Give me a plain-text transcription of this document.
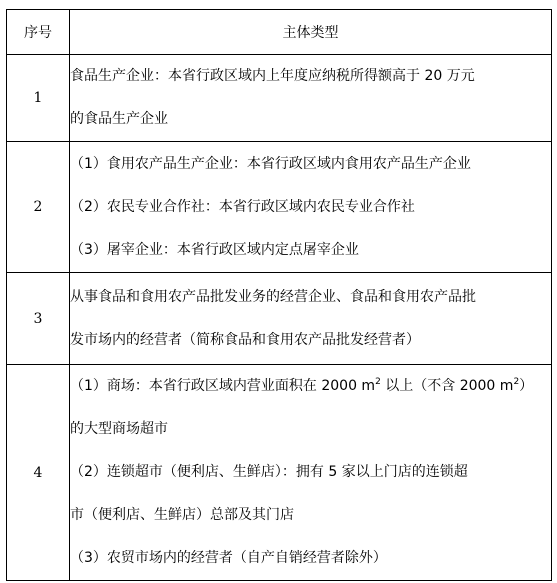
序号	主体类型
1	食品生产企业：本省行政区域内上年度应纳税所得额高于 20 万元

的食品生产企业

2	（1）食用农产品生产企业：本省行政区域内食用农产品生产企业

（2）农民专业合作社：本省行政区域内农民专业合作社

（3）屠宰企业：本省行政区域内定点屠宰企业

3	从事食品和食用农产品批发业务的经营企业、食品和食用农产品批

发市场内的经营者（简称食品和食用农产品批发经营者）

4	（1）商场：本省行政区域内营业面积在 2000 $m^2$ 以上（不含 2000 $m^2$）

的大型商场超市

（2）连锁超市（便利店、生鲜店）：拥有 5 家以上门店的连锁超

市（便利店、生鲜店）总部及其门店

（3）农贸市场内的经营者（自产自销经营者除外）
